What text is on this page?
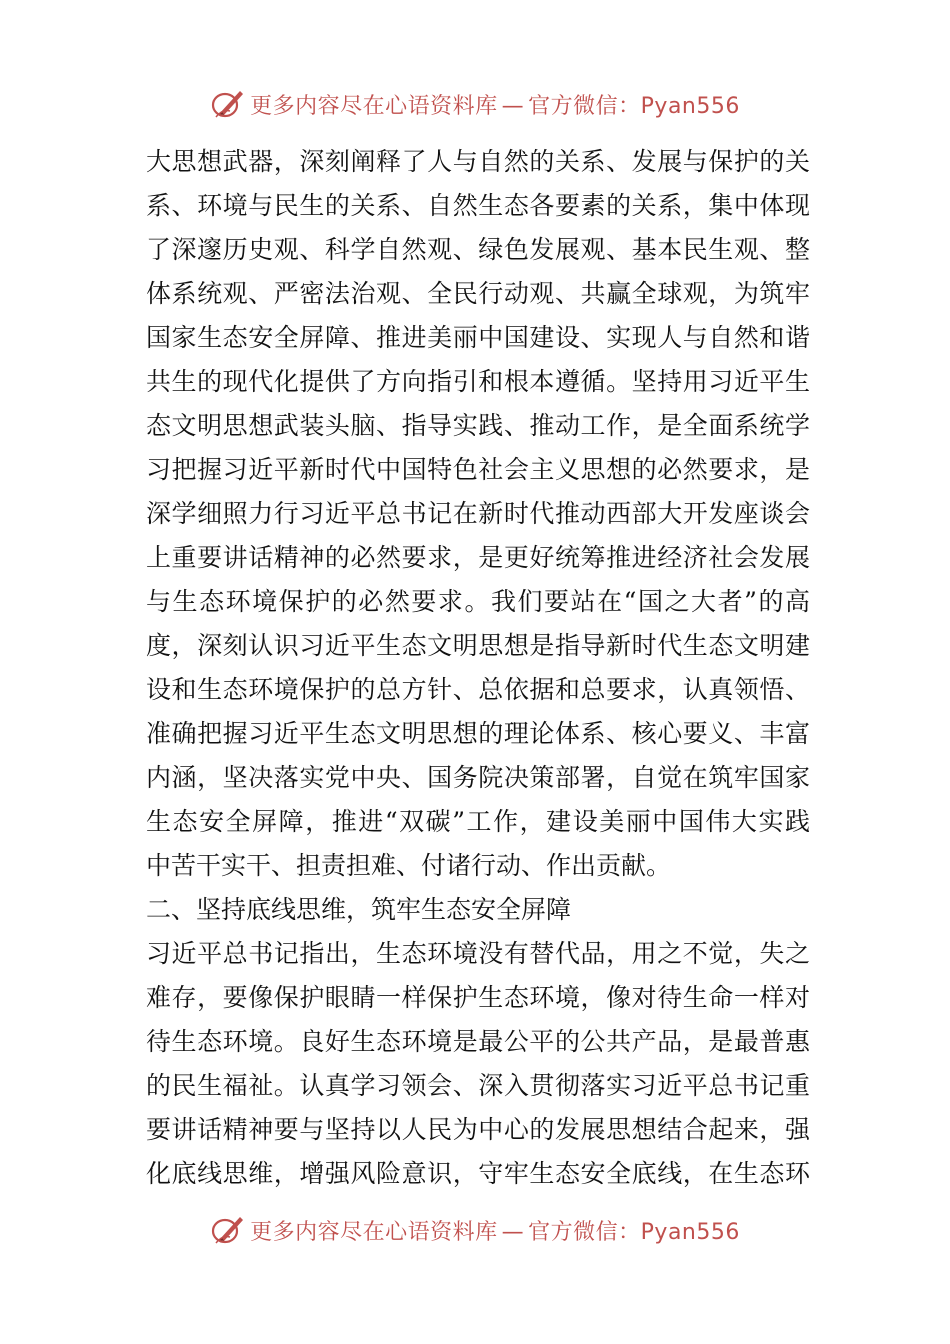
更多内容尽在心语资料库 — 官方微信：Pyan556
大思想武器，深刻阐释了人与自然的关系、发展与保护的关
系、环境与民生的关系、自然生态各要素的关系，集中体现
了深邃历史观、科学自然观、绿色发展观、基本民生观、整
体系统观、严密法治观、全民行动观、共赢全球观，为筑牢
国家生态安全屏障、推进美丽中国建设、实现人与自然和谐
共生的现代化提供了方向指引和根本遵循。坚持用习近平生
态文明思想武装头脑、指导实践、推动工作，是全面系统学
习把握习近平新时代中国特色社会主义思想的必然要求，是
深学细照力行习近平总书记在新时代推动西部大开发座谈会
上重要讲话精神的必然要求，是更好统筹推进经济社会发展
与生态环境保护的必然要求。我们要站在“国之大者”的高
度，深刻认识习近平生态文明思想是指导新时代生态文明建
设和生态环境保护的总方针、总依据和总要求，认真领悟、
准确把握习近平生态文明思想的理论体系、核心要义、丰富
内涵，坚决落实党中央、国务院决策部署，自觉在筑牢国家
生态安全屏障，推进“双碳”工作，建设美丽中国伟大实践
中苦干实干、担责担难、付诸行动、作出贡献。
二、坚持底线思维，筑牢生态安全屏障
习近平总书记指出，生态环境没有替代品，用之不觉，失之
难存，要像保护眼睛一样保护生态环境，像对待生命一样对
待生态环境。良好生态环境是最公平的公共产品，是最普惠
的民生福祉。认真学习领会、深入贯彻落实习近平总书记重
要讲话精神要与坚持以人民为中心的发展思想结合起来，强
化底线思维，增强风险意识，守牢生态安全底线，在生态环
更多内容尽在心语资料库 — 官方微信：Pyan556
